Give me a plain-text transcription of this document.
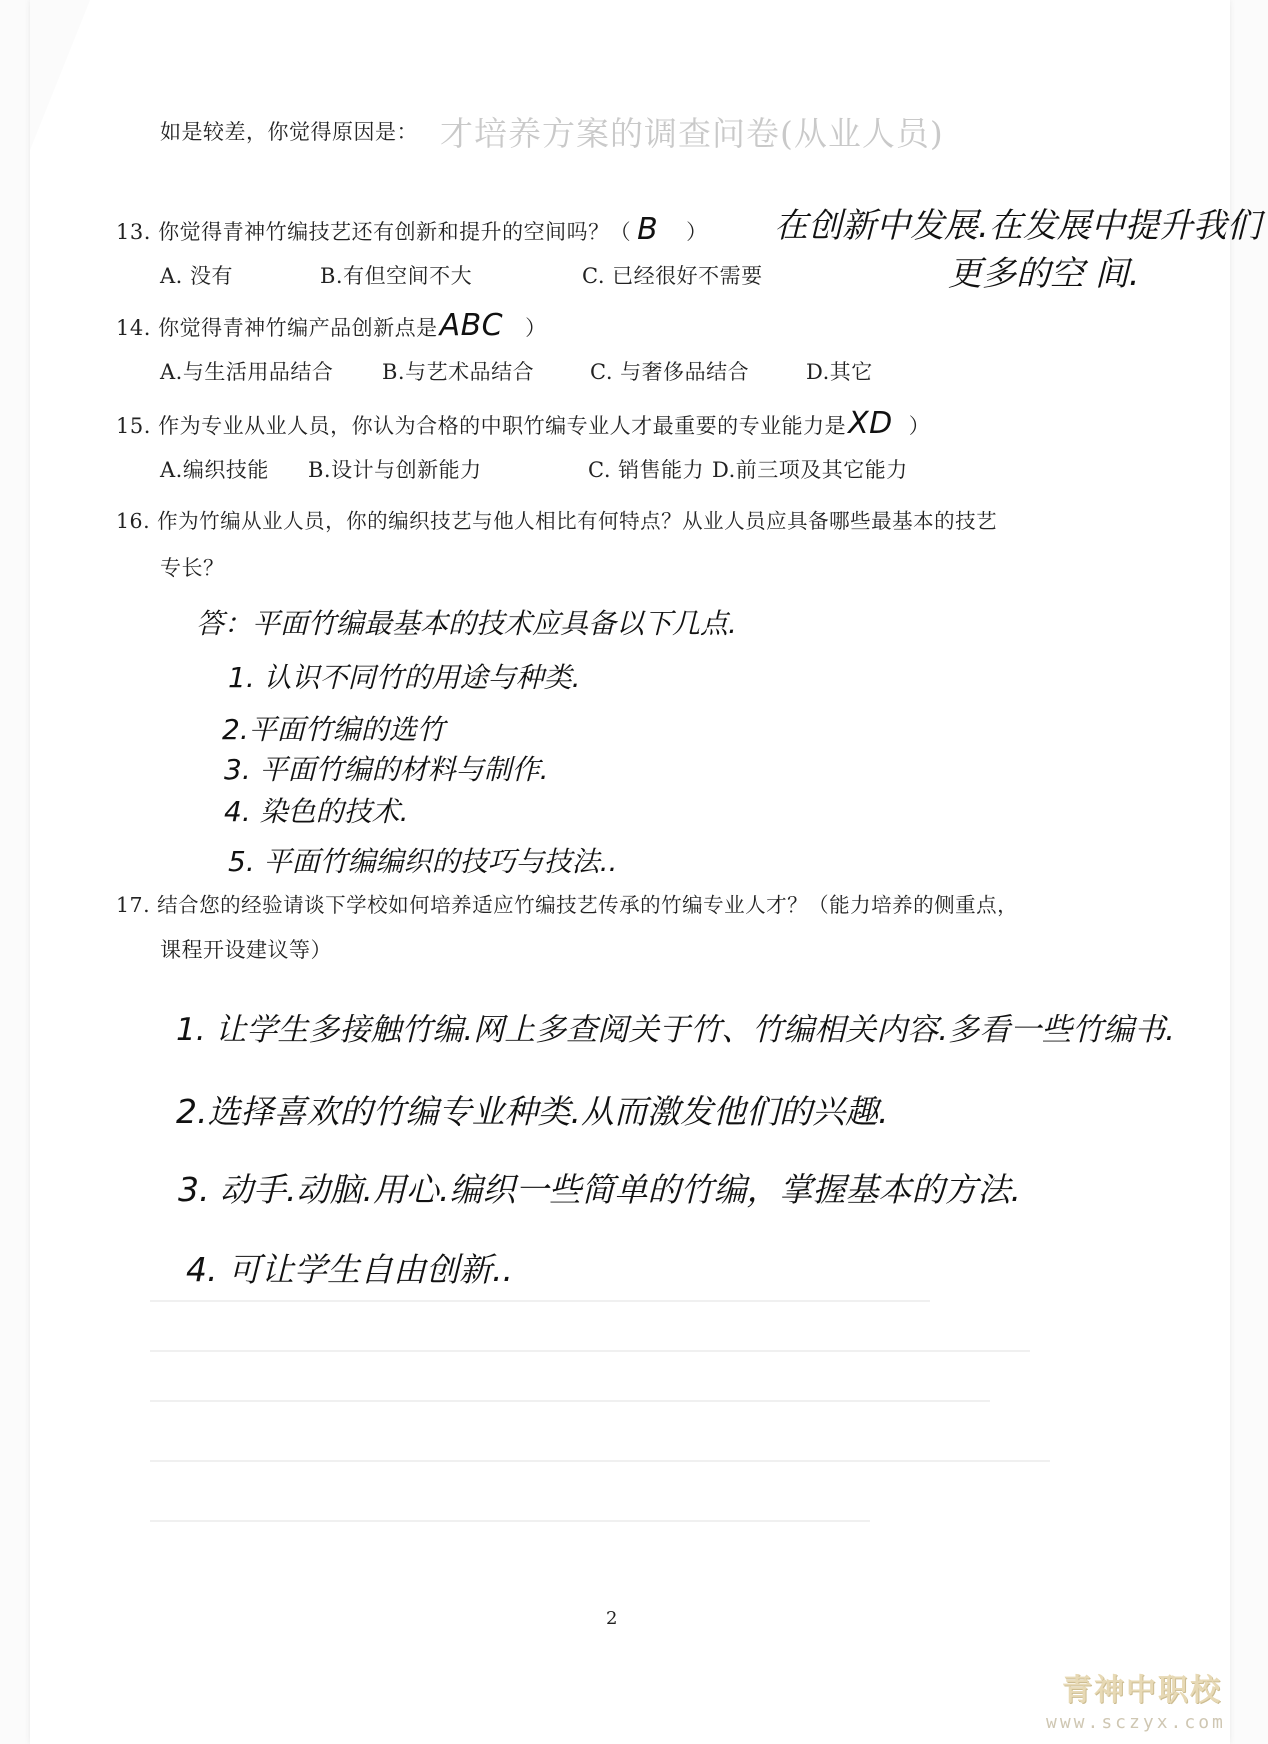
才培养方案的调查问卷(从业人员)
如是较差，你觉得原因是：
13. 你觉得青神竹编技艺还有创新和提升的空间吗？（ B ） 在创新中发展.在发展中提升我们
更多的空 间.
A. 没有	B.有但空间不大	C. 已经很好不需要
14. 你觉得青神竹编产品创新点是ABC ）
A.与生活用品结合 B.与艺术品结合	C. 与奢侈品结合	D.其它
15. 作为专业从业人员，你认为合格的中职竹编专业人才最重要的专业能力是XD ）
A.编织技能 B.设计与创新能力	C. 销售能力 D.前三项及其它能力
16. 作为竹编从业人员，你的编织技艺与他人相比有何特点？从业人员应具备哪些最基本的技艺
专长？
答：平面竹编最基本的技术应具备以下几点.
1. 认识不同竹的用途与种类.
2.平面竹编的选竹
3. 平面竹编的材料与制作.
4. 染色的技术.
5. 平面竹编编织的技巧与技法..
17. 结合您的经验请谈下学校如何培养适应竹编技艺传承的竹编专业人才？（能力培养的侧重点，
课程开设建议等）
1. 让学生多接触竹编.网上多查阅关于竹、竹编相关内容.多看一些竹编书.
2.选择喜欢的竹编专业种类.从而激发他们的兴趣.
3. 动手.动脑.用心.编织一些简单的竹编，掌握基本的方法.
4. 可让学生自由创新..
2
青神中职校
www.sczyx.com
